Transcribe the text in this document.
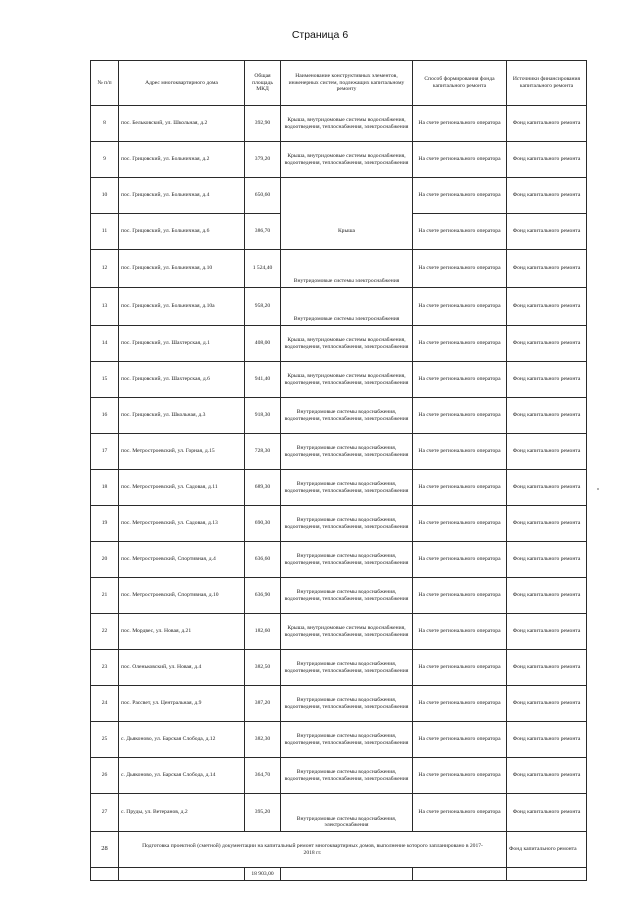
Страница 6
№ п/п	Адрес многоквартирного дома	Общая площадь МКД	Наименование конструктивных элементов, инженерных систем, подлежащих капитальному ремонту	Способ формирования фонда капитального ремонта	Источники финансирования капитального ремонта
8	пос. Бельковский, ул. Школьная, д.2	392,90	Крыша, внутридомовые системы водоснабжения, водоотведения, теплоснабжения, электроснабжения	На счете регионального оператора	Фонд капитального ремонта
9	пос. Грицовский, ул. Больничная, д.2	379,20	Крыша, внутридомовые системы водоснабжения, водоотведения, теплоснабжения, электроснабжения	На счете регионального оператора	Фонд капитального ремонта
10	пос. Грицовский, ул. Больничная, д.4	650,60	Крыша	На счете регионального оператора	Фонд капитального ремонта
11	пос. Грицовский, ул. Больничная, д.6	386,70		На счете регионального оператора	Фонд капитального ремонта
12	пос. Грицовский, ул. Больничная, д.10	1 524,40	Внутридомовые системы электроснабжения	На счете регионального оператора	Фонд капитального ремонта
13	пос. Грицовский, ул. Больничная, д.10а	958,20	Внутридомовые системы электроснабжения	На счете регионального оператора	Фонд капитального ремонта
14	пос. Грицовский, ул. Шахтерская, д.1	408,00	Крыша, внутридомовые системы водоснабжения, водоотведения, теплоснабжения, электроснабжения	На счете регионального оператора	Фонд капитального ремонта
15	пос. Грицовский, ул. Шахтерская, д.6	941,40	Крыша, внутридомовые системы водоснабжения, водоотведения, теплоснабжения, электроснабжения	На счете регионального оператора	Фонд капитального ремонта
16	пос. Грицовский, ул. Школьная, д.3	918,30	Внутридомовые системы водоснабжения, водоотведения, теплоснабжения, электроснабжения	На счете регионального оператора	Фонд капитального ремонта
17	пос. Метростроевский, ул. Горная, д.15	728,30	Внутридомовые системы водоснабжения, водоотведения, теплоснабжения, электроснабжения	На счете регионального оператора	Фонд капитального ремонта
18	пос. Метростроевский, ул. Садовая, д.11	689,30	Внутридомовые системы водоснабжения, водоотведения, теплоснабжения, электроснабжения	На счете регионального оператора	Фонд капитального ремонта
19	пос. Метростроевский, ул. Садовая, д.13	690,30	Внутридомовые системы водоснабжения, водоотведения, теплоснабжения, электроснабжения	На счете регионального оператора	Фонд капитального ремонта
20	пос. Метростроевский, Спортивная, д.4	636,60	Внутридомовые системы водоснабжения, водоотведения, теплоснабжения, электроснабжения	На счете регионального оператора	Фонд капитального ремонта
21	пос. Метростроевский, Спортивная, д.10	636,90	Внутридомовые системы водоснабжения, водоотведения, теплоснабжения, электроснабжения	На счете регионального оператора	Фонд капитального ремонта
22	пос. Мордвес, ул. Новая, д.21	182,60	Крыша, внутридомовые системы водоснабжения, водоотведения, теплоснабжения, электроснабжения	На счете регионального оператора	Фонд капитального ремонта
23	пос. Оленьковский, ул. Новая, д.4	382,50	Внутридомовые системы водоснабжения, водоотведения, теплоснабжения, электроснабжения	На счете регионального оператора	Фонд капитального ремонта
24	пос. Рассвет, ул. Центральная, д.9	387,20	Внутридомовые системы водоснабжения, водоотведения, теплоснабжения, электроснабжения	На счете регионального оператора	Фонд капитального ремонта
25	с. Дьяконово, ул. Барская Слобода, д.12	382,30	Внутридомовые системы водоснабжения, водоотведения, теплоснабжения, электроснабжения	На счете регионального оператора	Фонд капитального ремонта
26	с. Дьяконово, ул. Барская Слобода, д.14	364,70	Внутридомовые системы водоснабжения, водоотведения, теплоснабжения, электроснабжения	На счете регионального оператора	Фонд капитального ремонта
27	с. Пруды, ул. Ветеранов, д.2	395,20	Внутридомовые системы водоснабжения, электроснабжения	На счете регионального оператора	Фонд капитального ремонта
28	Подготовка проектной (сметной) документации на капитальный ремонт многоквартирных домов, выполнение которого запланировано в 2017-2018 гг.				Фонд капитального ремонта
		18 903,00			
